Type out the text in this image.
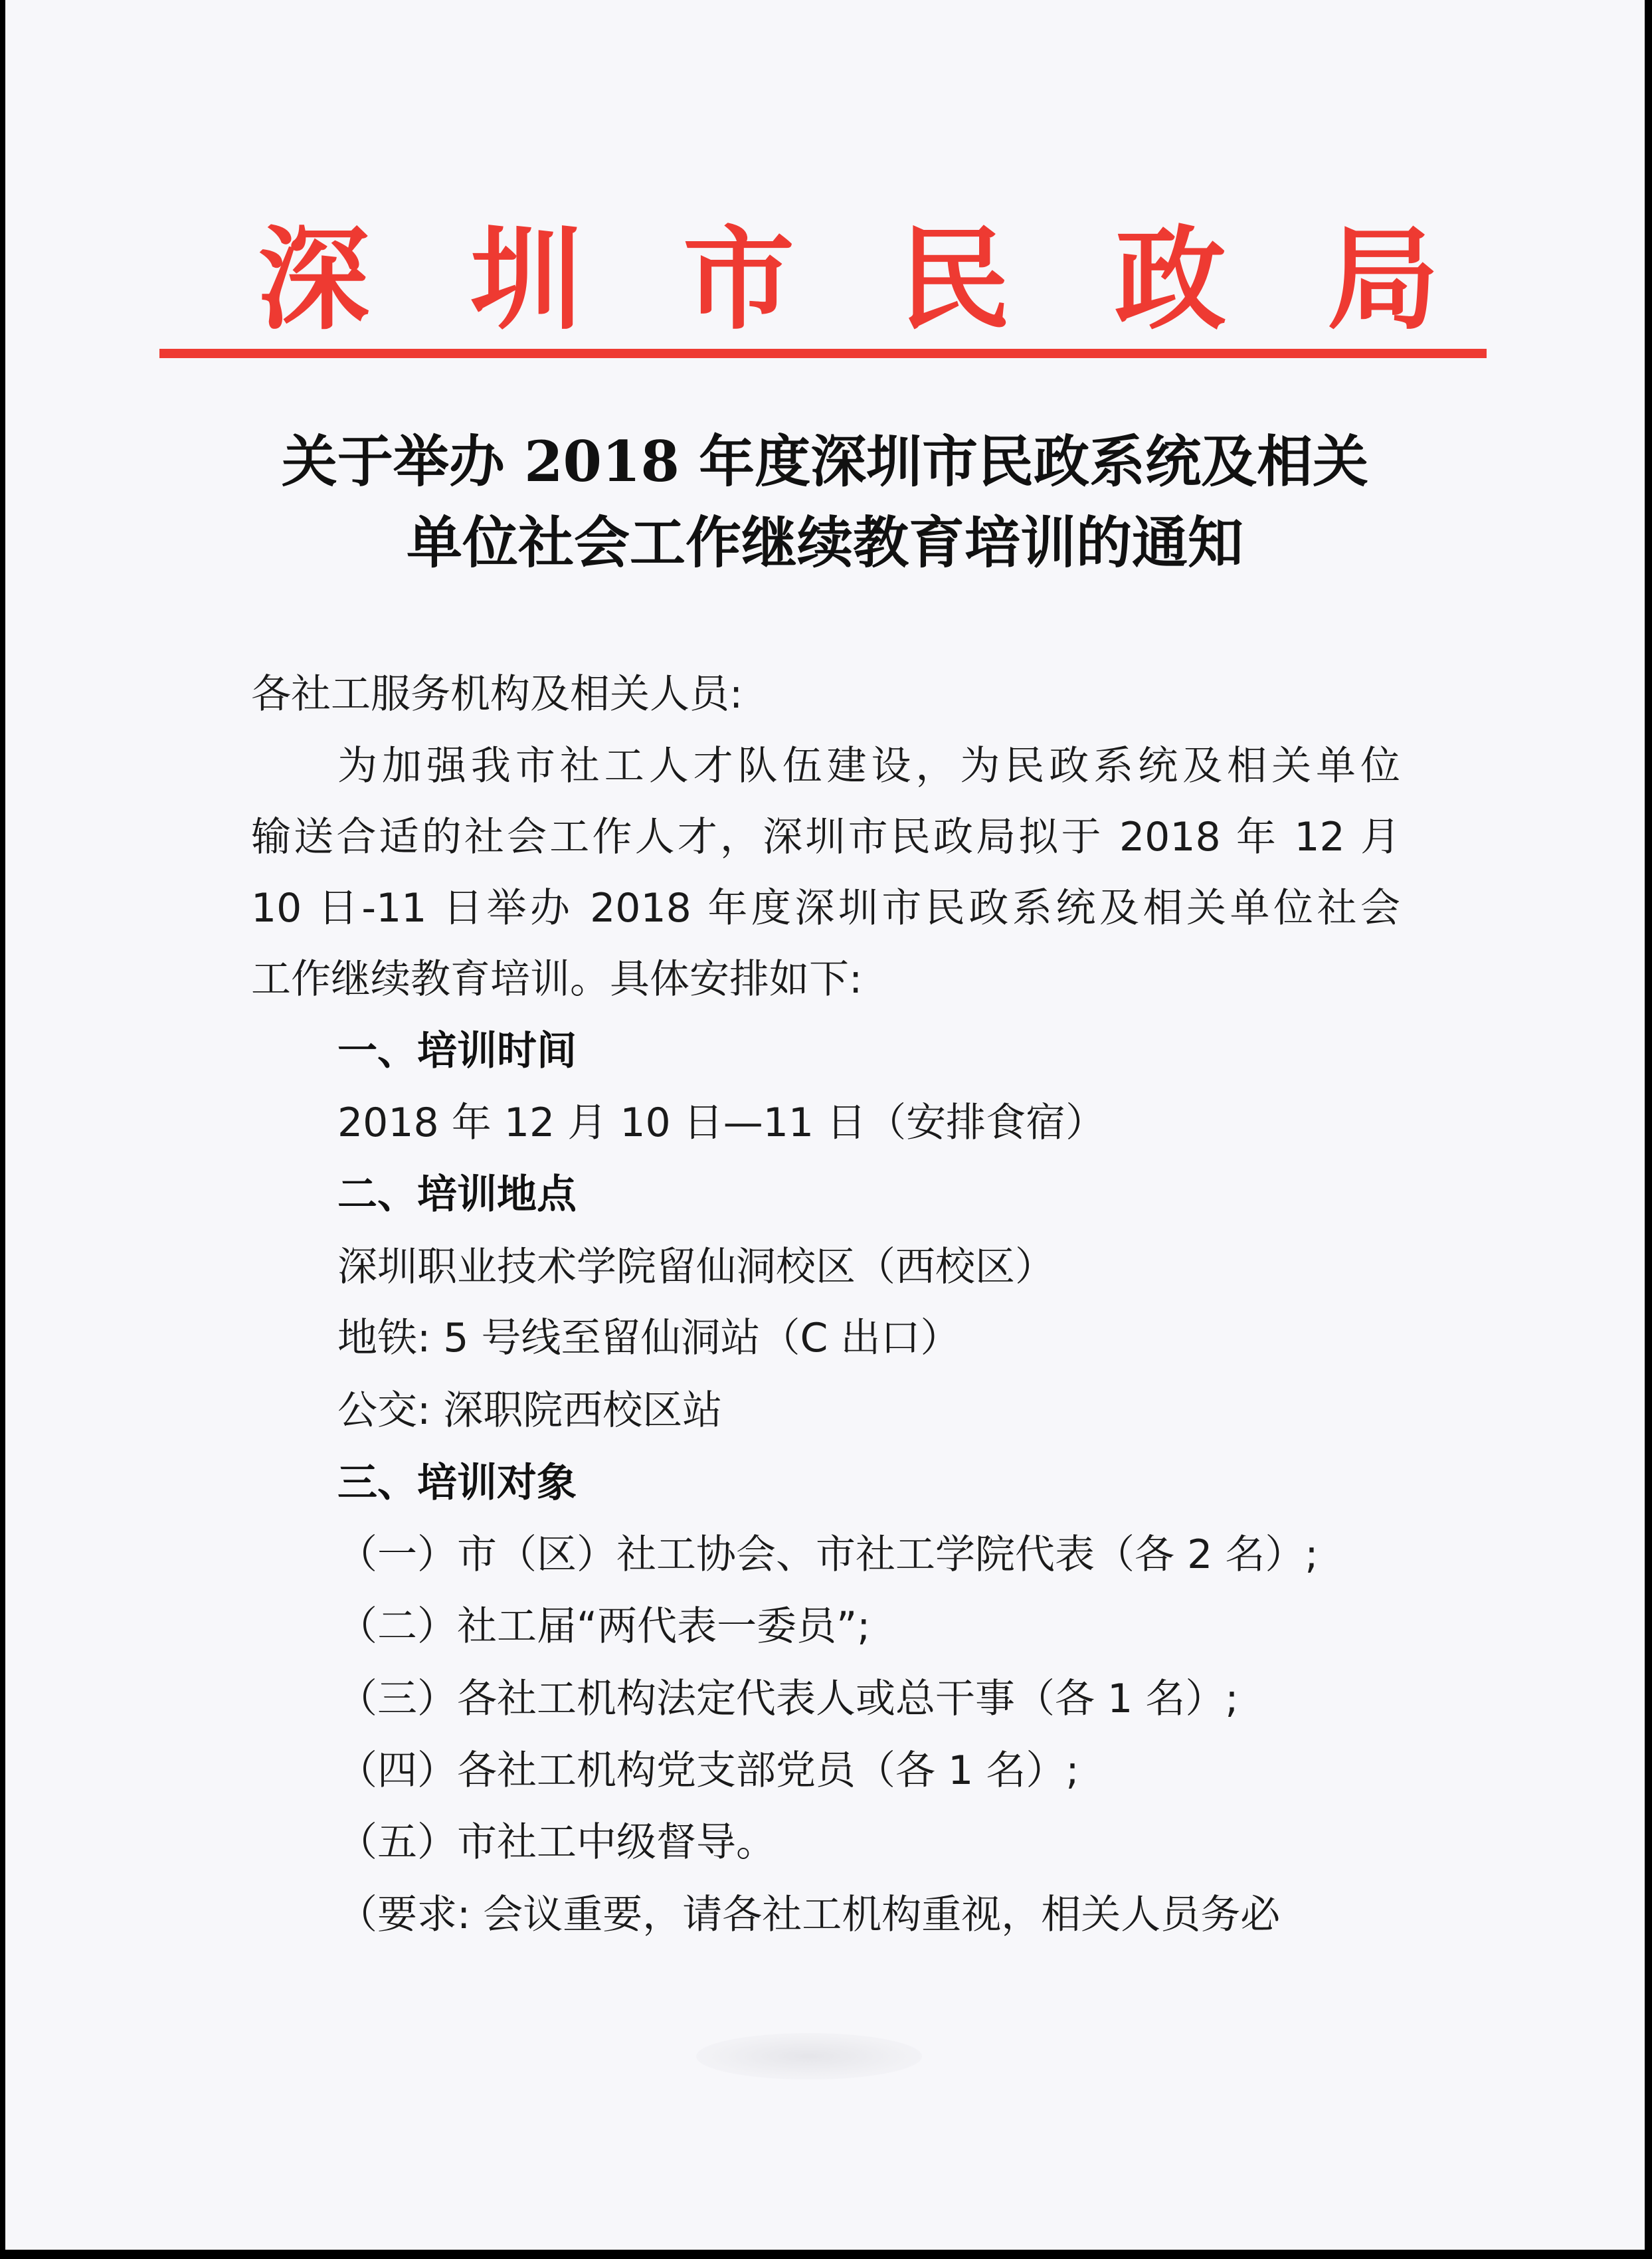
深 圳 市 民 政 局
关于举办 2018 年度深圳市民政系统及相关
单位社会工作继续教育培训的通知
各社工服务机构及相关人员:
为加强我市社工人才队伍建设，为民政系统及相关单位
输送合适的社会工作人才，深圳市民政局拟于 2018 年 12 月
10 日-11 日举办 2018 年度深圳市民政系统及相关单位社会
工作继续教育培训。具体安排如下:
一、培训时间
2018 年 12 月 10 日—11 日（安排食宿）
二、培训地点
深圳职业技术学院留仙洞校区（西校区）
地铁: 5 号线至留仙洞站（C 出口）
公交: 深职院西校区站
三、培训对象
（一）市（区）社工协会、市社工学院代表（各 2 名）;
（二）社工届“两代表一委员”;
（三）各社工机构法定代表人或总干事（各 1 名）;
（四）各社工机构党支部党员（各 1 名）;
（五）市社工中级督导。
（要求: 会议重要，请各社工机构重视，相关人员务必
